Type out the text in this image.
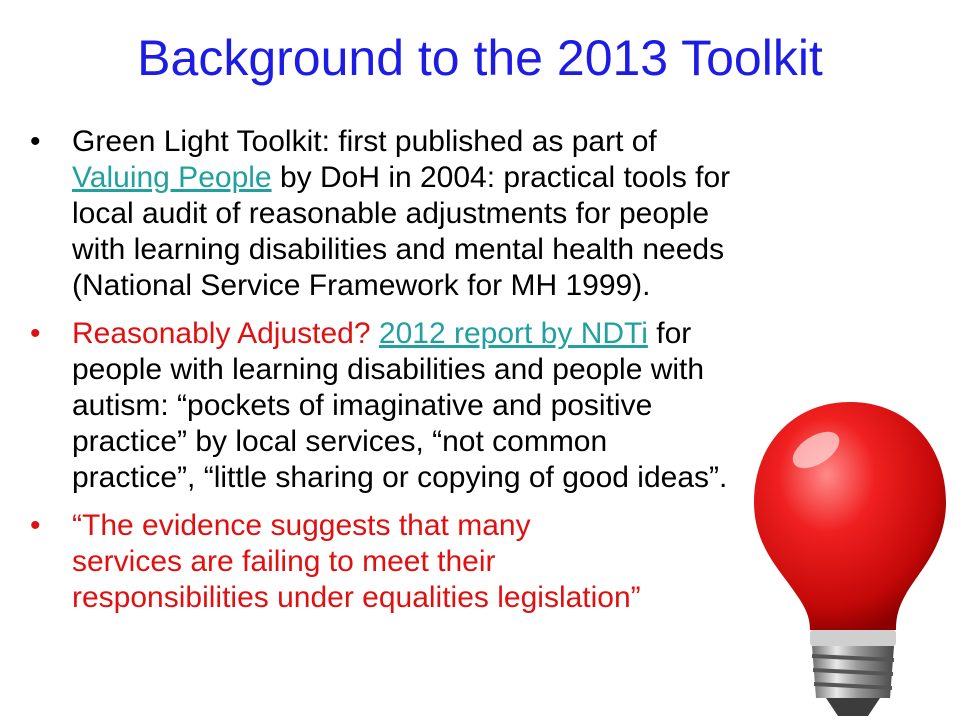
Background to the 2013 Toolkit
• Green Light Toolkit: first published as part of
Valuing People by DoH in 2004: practical tools for
local audit of reasonable adjustments for people
with learning disabilities and mental health needs
(National Service Framework for MH 1999).
• Reasonably Adjusted? 2012 report by NDTi for
people with learning disabilities and people with
autism: “pockets of imaginative and positive
practice” by local services, “not common
practice”, “little sharing or copying of good ideas”.
• “The evidence suggests that many
services are failing to meet their
responsibilities under equalities legislation”
